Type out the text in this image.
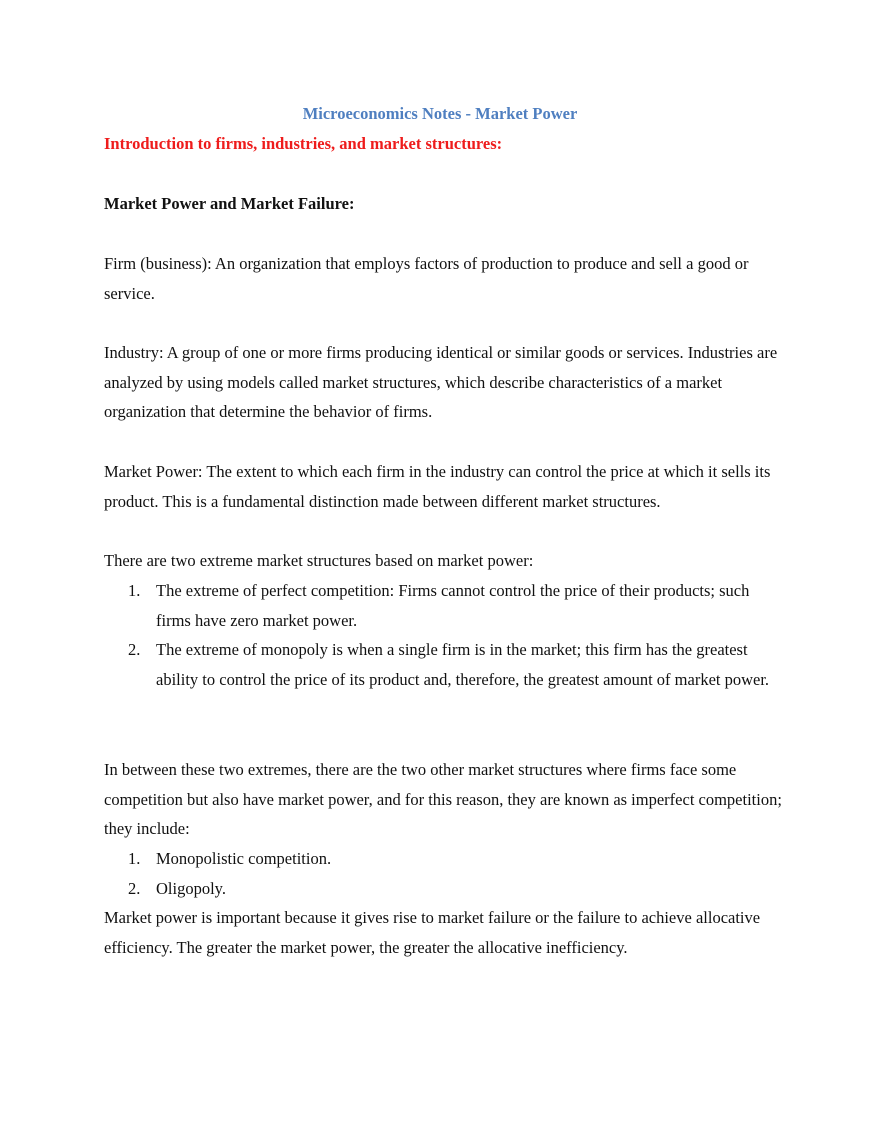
Microeconomics Notes - Market Power
Introduction to firms, industries, and market structures:
Market Power and Market Failure:

Firm (business): An organization that employs factors of production to produce and sell a good or service.

Industry: A group of one or more firms producing identical or similar goods or services. Industries are analyzed by using models called market structures, which describe characteristics of a market organization that determine the behavior of firms.

Market Power: The extent to which each firm in the industry can control the price at which it sells its product. This is a fundamental distinction made between different market structures.

There are two extreme market structures based on market power:

1. The extreme of perfect competition: Firms cannot control the price of their products; such firms have zero market power.
2. The extreme of monopoly is when a single firm is in the market; this firm has the greatest ability to control the price of its product and, therefore, the greatest amount of market power.

In between these two extremes, there are the two other market structures where firms face some competition but also have market power, and for this reason, they are known as imperfect competition; they include:

1. Monopolistic competition.
2. Oligopoly.

Market power is important because it gives rise to market failure or the failure to achieve allocative efficiency. The greater the market power, the greater the allocative inefficiency.
